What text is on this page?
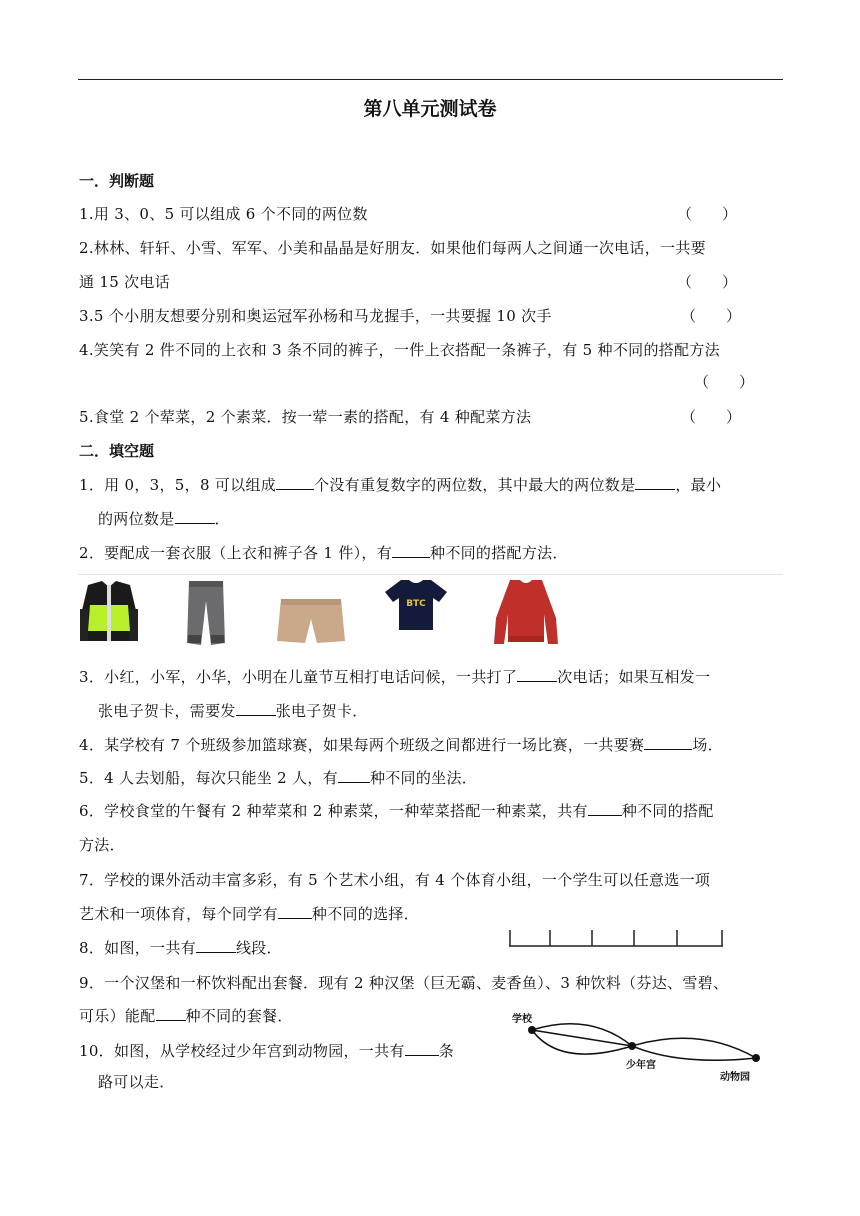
第八单元测试卷
一．判断题
1.用 3、0、5 可以组成 6 个不同的两位数	（　　）
2.林林、轩轩、小雪、军军、小美和晶晶是好朋友．如果他们每两人之间通一次电话，一共要
通 15 次电话	（　　）
3.5 个小朋友想要分别和奥运冠军孙杨和马龙握手，一共要握 10 次手	（　　）
4.笑笑有 2 件不同的上衣和 3 条不同的裤子，一件上衣搭配一条裤子，有 5 种不同的搭配方法
（　　）
5.食堂 2 个荤菜，2 个素菜．按一荤一素的搭配，有 4 种配菜方法	（　　）
二．填空题
1．用 0，3，5，8 可以组成	个没有重复数字的两位数，其中最大的两位数是	，最小
的两位数是	．
2．要配成一套衣服（上衣和裤子各 1 件），有	种不同的搭配方法．
BTC
3．小红，小军，小华，小明在儿童节互相打电话问候，一共打了	次电话；如果互相发一
张电子贺卡，需要发	张电子贺卡．
4．某学校有 7 个班级参加篮球赛，如果每两个班级之间都进行一场比赛，一共要赛	场．
5．4 人去划船，每次只能坐 2 人，有 种不同的坐法．
6．学校食堂的午餐有 2 种荤菜和 2 种素菜，一种荤菜搭配一种素菜，共有 种不同的搭配
方法．
7．学校的课外活动丰富多彩，有 5 个艺术小组，有 4 个体育小组，一个学生可以任意选一项
艺术和一项体育，每个同学有 种不同的选择．
8．如图，一共有	线段．
9．一个汉堡和一杯饮料配出套餐．现有 2 种汉堡（巨无霸、麦香鱼）、3 种饮料（芬达、雪碧、
可乐）能配 种不同的套餐．
10．如图，从学校经过少年宫到动物园，一共有 条
路可以走．
学校
少年宫
动物园
